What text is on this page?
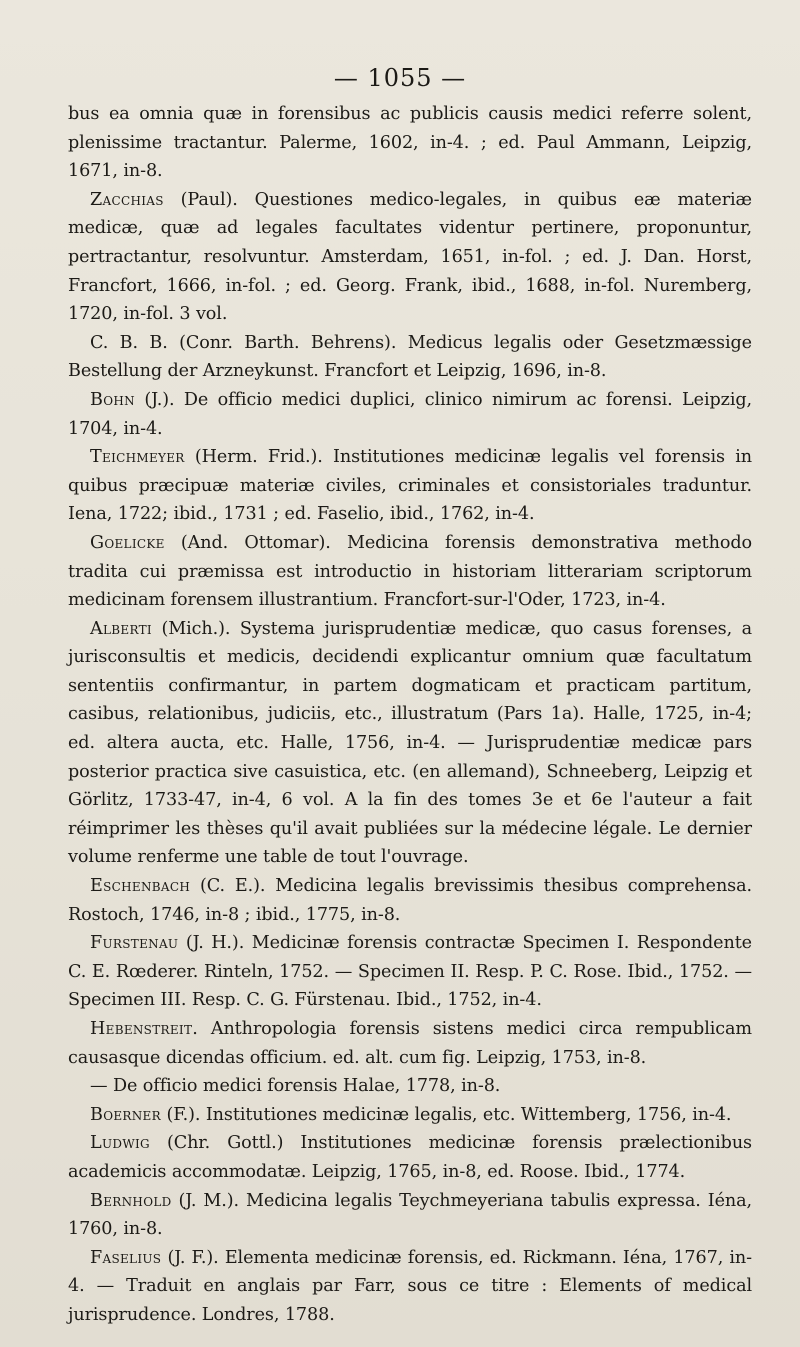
— 1055 —

bus ea omnia quæ in forensibus ac publicis causis medici referre solent, plenissime tractantur. Palerme, 1602, in-4. ; ed. Paul Ammann, Leipzig, 1671, in-8.

Zacchias (Paul). Questiones medico-legales, in quibus eæ materiæ medicæ, quæ ad legales facultates videntur pertinere, proponuntur, pertractantur, resolvuntur. Amsterdam, 1651, in-fol. ; ed. J. Dan. Horst, Francfort, 1666, in-fol. ; ed. Georg. Frank, ibid., 1688, in-fol. Nuremberg, 1720, in-fol. 3 vol.

C. B. B. (Conr. Barth. Behrens). Medicus legalis oder Gesetzmæssige Bestellung der Arzneykunst. Francfort et Leipzig, 1696, in-8.

Bohn (J.). De officio medici duplici, clinico nimirum ac forensi. Leipzig, 1704, in-4.

Teichmeyer (Herm. Frid.). Institutiones medicinæ legalis vel forensis in quibus præcipuæ materiæ civiles, criminales et consistoriales traduntur. Iena, 1722; ibid., 1731 ; ed. Faselio, ibid., 1762, in-4.

Goelicke (And. Ottomar). Medicina forensis demonstrativa methodo tradita cui præmissa est introductio in historiam litterariam scriptorum medicinam forensem illustrantium. Francfort-sur-l'Oder, 1723, in-4.

Alberti (Mich.). Systema jurisprudentiæ medicæ, quo casus forenses, a jurisconsultis et medicis, decidendi explicantur omnium quæ facultatum sententiis confirmantur, in partem dogmaticam et practicam partitum, casibus, relationibus, judiciis, etc., illustratum (Pars 1a). Halle, 1725, in-4; ed. altera aucta, etc. Halle, 1756, in-4. — Jurisprudentiæ medicæ pars posterior practica sive casuistica, etc. (en allemand), Schneeberg, Leipzig et Görlitz, 1733-47, in-4, 6 vol. A la fin des tomes 3e et 6e l'auteur a fait réimprimer les thèses qu'il avait publiées sur la médecine légale. Le dernier volume renferme une table de tout l'ouvrage.

Eschenbach (C. E.). Medicina legalis brevissimis thesibus comprehensa. Rostoch, 1746, in-8 ; ibid., 1775, in-8.

Furstenau (J. H.). Medicinæ forensis contractæ Specimen I. Respondente C. E. Rœderer. Rinteln, 1752. — Specimen II. Resp. P. C. Rose. Ibid., 1752. — Specimen III. Resp. C. G. Fürstenau. Ibid., 1752, in-4.

Hebenstreit. Anthropologia forensis sistens medici circa rempublicam causasque dicendas officium. ed. alt. cum fig. Leipzig, 1753, in-8.

— De officio medici forensis Halae, 1778, in-8.

Boerner (F.). Institutiones medicinæ legalis, etc. Wittemberg, 1756, in-4.

Ludwig (Chr. Gottl.) Institutiones medicinæ forensis prælectionibus academicis accommodatæ. Leipzig, 1765, in-8, ed. Roose. Ibid., 1774.

Bernhold (J. M.). Medicina legalis Teychmeyeriana tabulis expressa. Iéna, 1760, in-8.

Faselius (J. F.). Elementa medicinæ forensis, ed. Rickmann. Iéna, 1767, in-4. — Traduit en anglais par Farr, sous ce titre : Elements of medical jurisprudence. Londres, 1788.
